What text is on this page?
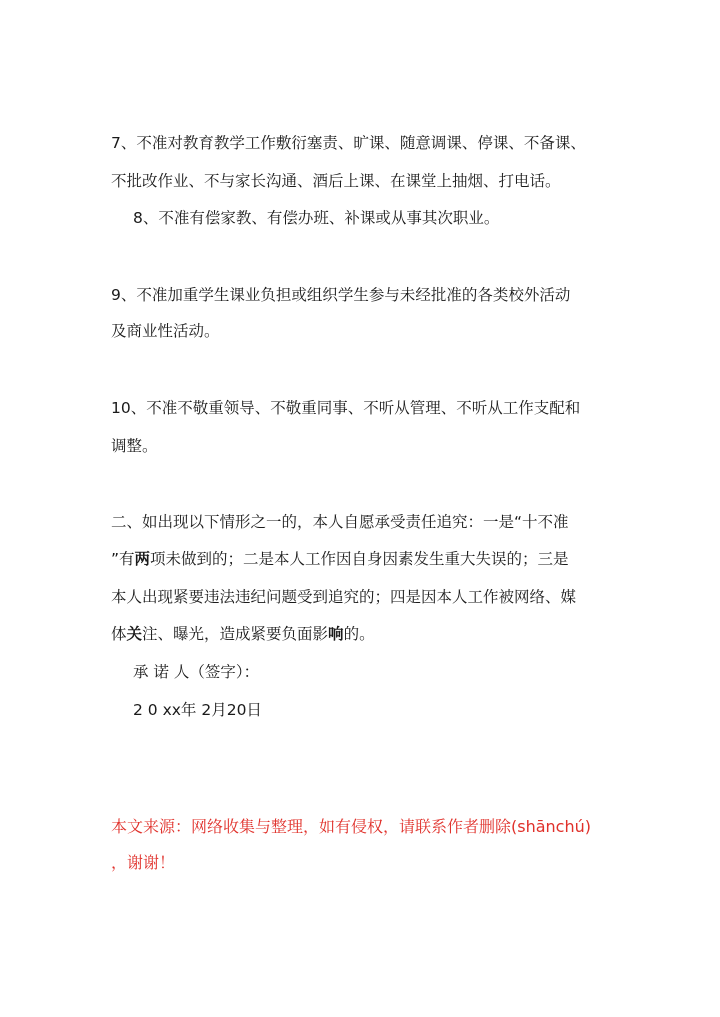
7、不准对教育教学工作敷衍塞责、旷课、随意调课、停课、不备课、
不批改作业、不与家长沟通、酒后上课、在课堂上抽烟、打电话。
8、不准有偿家教、有偿办班、补课或从事其次职业。
9、不准加重学生课业负担或组织学生参与未经批准的各类校外活动
及商业性活动。
10、不准不敬重领导、不敬重同事、不听从管理、不听从工作支配和
调整。
二、如出现以下情形之一的，本人自愿承受责任追究：一是“十不准
”有两项未做到的；二是本人工作因自身因素发生重大失误的；三是
本人出现紧要违法违纪问题受到追究的；四是因本人工作被网络、媒
体关注、曝光，造成紧要负面影响的。
承 诺 人（签字）：
2 0 xx年 2月20日
本文来源：网络收集与整理，如有侵权，请联系作者删除(shānchú)
，谢谢！
